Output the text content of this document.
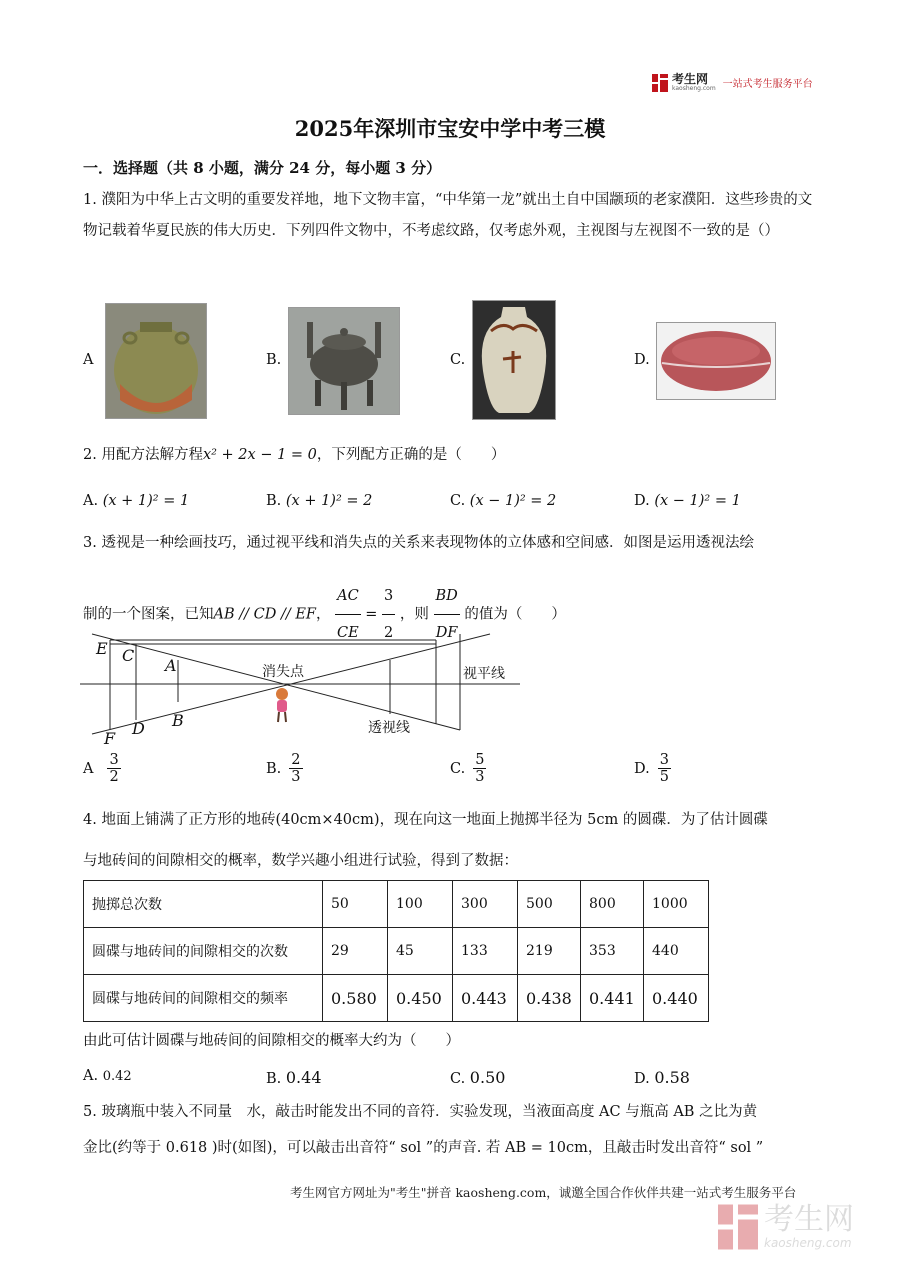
考生网
kaosheng.com 一站式考生服务平台
2025年深圳市宝安中学中考三模
一．选择题（共 8 小题，满分 24 分，每小题 3 分）
1. 濮阳为中华上古文明的重要发祥地，地下文物丰富，“中华第一龙”就出土自中国颛顼的老家濮阳．这些珍贵的文物记载着华夏民族的伟大历史．下列四件文物中，不考虑纹路，仅考虑外观，主视图与左视图不一致的是（）
A	B.	C.	D.
2. 用配方法解方程x² + 2x − 1 = 0，下列配方正确的是（　　）
A. (x + 1)² = 1	B. (x + 1)² = 2	C. (x − 1)² = 2	D. (x − 1)² = 1
3. 透视是一种绘画技巧，通过视平线和消失点的关系来表现物体的立体感和空间感．如图是运用透视法绘
制的一个图案，已知AB // CD // EF， $\frac{AC}{CE} = \frac{3}{2}$ ，则 $\frac{BD}{DF}$ 的值为（　　）
E C
A
F
D B
消失点	视平线
透视线
A $\frac{3}{2}$	B. $\frac{2}{3}$	C. $\frac{5}{3}$	D. $\frac{3}{5}$
4. 地面上铺满了正方形的地砖(40cm×40cm)，现在向这一地面上抛掷半径为 5cm 的圆碟．为了估计圆碟
与地砖间的间隙相交的概率，数学兴趣小组进行试验，得到了数据：
抛掷总次数	50	100	300	500	800	1000
圆碟与地砖间的间隙相交的次数	29	45	133	219	353	440
圆碟与地砖间的间隙相交的频率	0.580	0.450	0.443	0.438	0.441	0.440
由此可估计圆碟与地砖间的间隙相交的概率大约为（　　）
A. 0.42	B. 0.44	C. 0.50	D. 0.58
5. 玻璃瓶中装入不同量　水，敲击时能发出不同的音符．实验发现，当液面高度 AC 与瓶高 AB 之比为黄
金比(约等于 0.618 )时(如图)，可以敲击出音符“ sol ”的声音. 若 AB = 10cm，且敲击时发出音符“ sol ”
考生网官方网址为"考生"拼音 kaosheng.com，诚邀全国合作伙伴共建一站式考生服务平台
考生网
kaosheng.com
